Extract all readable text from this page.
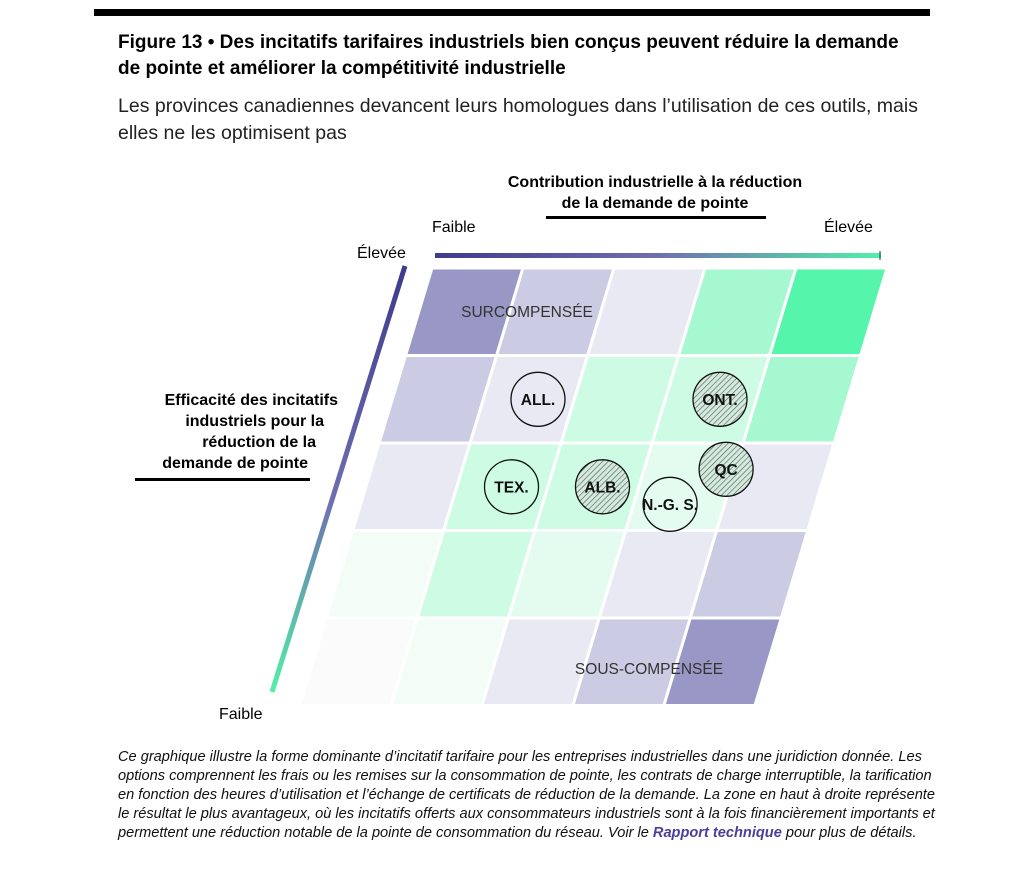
Figure 13 • Des incitatifs tarifaires industriels bien conçus peuvent réduire la demande de pointe et améliorer la compétitivité industrielle
Les provinces canadiennes devancent leurs homologues dans l’utilisation de ces outils, mais elles ne les optimisent pas
Contribution industrielle à la réduction
de la demande de pointe
Faible	Élevée
Efficacité des incitatifs
industriels pour la
réduction de la
demande de pointe
Élevée
Faible
SURCOMPENSÉE
SOUS-COMPENSÉE
ALL.	ONT.
QC
TEX.	ALB.
N.-G. S.
Ce graphique illustre la forme dominante d’incitatif tarifaire pour les entreprises industrielles dans une juridiction donnée. Les options comprennent les frais ou les remises sur la consommation de pointe, les contrats de charge interruptible, la tarification en fonction des heures d’utilisation et l’échange de certificats de réduction de la demande. La zone en haut à droite représente le résultat le plus avantageux, où les incitatifs offerts aux consommateurs industriels sont à la fois financièrement importants et permettent une réduction notable de la pointe de consommation du réseau. Voir le Rapport technique pour plus de détails.
